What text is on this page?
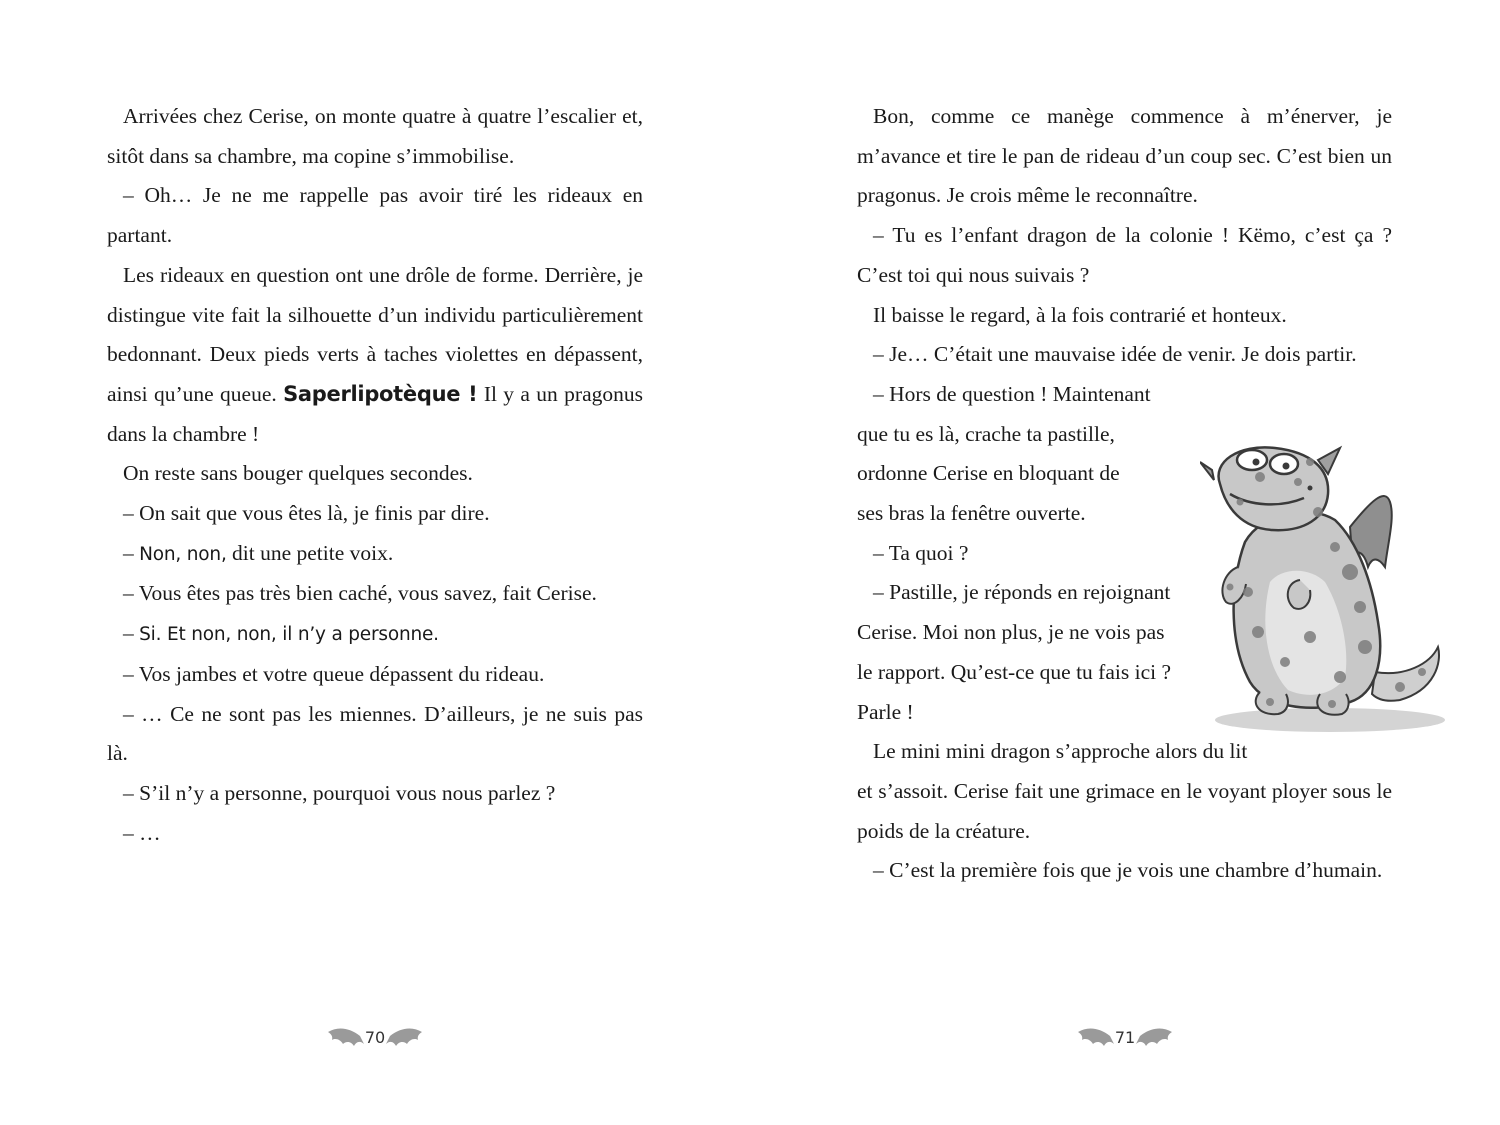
Arrivées chez Cerise, on monte quatre à quatre l’escalier et, sitôt dans sa chambre, ma copine s’immobilise.

– Oh… Je ne me rappelle pas avoir tiré les rideaux en partant.

Les rideaux en question ont une drôle de forme. Derrière, je distingue vite fait la silhouette d’un individu particulièrement bedonnant. Deux pieds verts à taches violettes en dépassent, ainsi qu’une queue. Saperlipotèque ! Il y a un pragonus dans la chambre !

On reste sans bouger quelques secondes.

– On sait que vous êtes là, je finis par dire.

– Non, non, dit une petite voix.

– Vous êtes pas très bien caché, vous savez, fait Cerise.

– Si. Et non, non, il n’y a personne.

– Vos jambes et votre queue dépassent du rideau.

– … Ce ne sont pas les miennes. D’ailleurs, je ne suis pas là.

– S’il n’y a personne, pourquoi vous nous parlez ?

– …

70

Bon, comme ce manège commence à m’énerver, je m’avance et tire le pan de rideau d’un coup sec. C’est bien un pragonus. Je crois même le reconnaître.

– Tu es l’enfant dragon de la colonie ! Këmo, c’est ça ? C’est toi qui nous suivais ?

Il baisse le regard, à la fois contrarié et honteux.

– Je… C’était une mauvaise idée de venir. Je dois partir.

– Hors de question ! Maintenant

que tu es là, crache ta pastille,

ordonne Cerise en bloquant de

ses bras la fenêtre ouverte.

– Ta quoi ?

– Pastille, je réponds en rejoignant

Cerise. Moi non plus, je ne vois pas

le rapport. Qu’est-ce que tu fais ici ?

Parle !

Le mini mini dragon s’approche alors du lit

et s’assoit. Cerise fait une grimace en le voyant ployer sous le poids de la créature.

– C’est la première fois que je vois une chambre d’humain.

71
